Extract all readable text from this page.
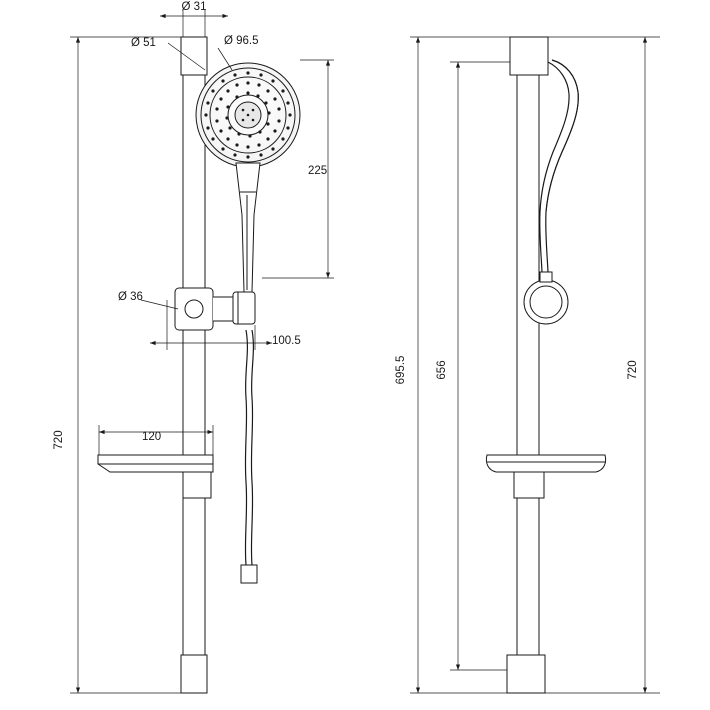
Ø 31
Ø 51	Ø 96.5
225
Ø 36
100.5
120
720
695.5	656	720
